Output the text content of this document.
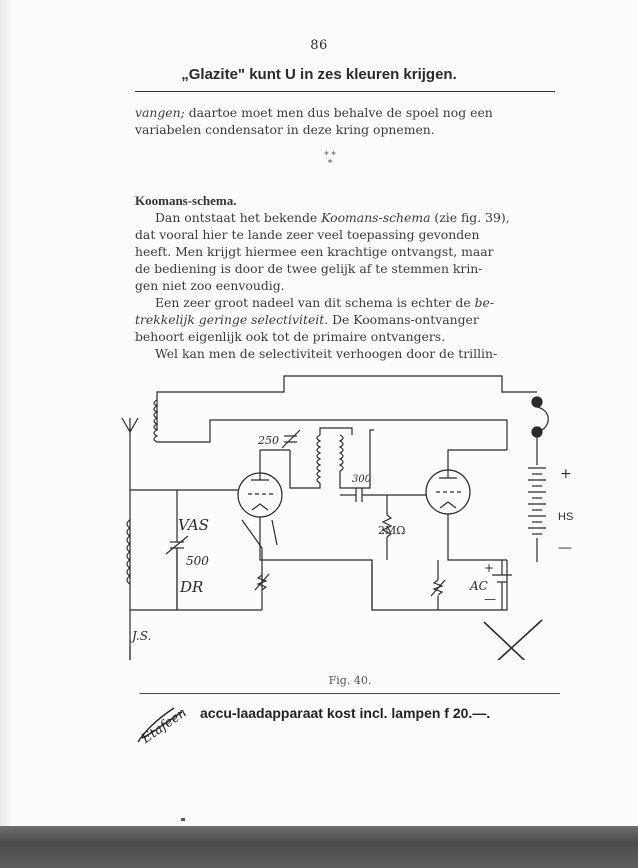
86
„Glazite" kunt U in zes kleuren krijgen.
vangen; daartoe moet men dus behalve de spoel nog een
variabelen condensator in deze kring opnemen.
* *
*
Koomans-schema.
Dan ontstaat het bekende Koomans-schema (zie fig. 39),
dat vooral hier te lande zeer veel toepassing gevonden
heeft. Men krijgt hiermee een krachtige ontvangst, maar
de bediening is door de twee gelijk af te stemmen krin-
gen niet zoo eenvoudig.
Een zeer groot nadeel van dit schema is echter de be-
trekkelijk geringe selectiviteit. De Koomans-ontvanger
behoort eigenlijk ook tot de primaire ontvangers.
Wel kan men de selectiviteit verhoogen door de trillin-
+
HS
—
250
300
2MΩ
VAS
500
DR
+
AC
—
J.S.
Fig. 40.
Etafeen accu-laadapparaat kost incl. lampen f 20.—.
